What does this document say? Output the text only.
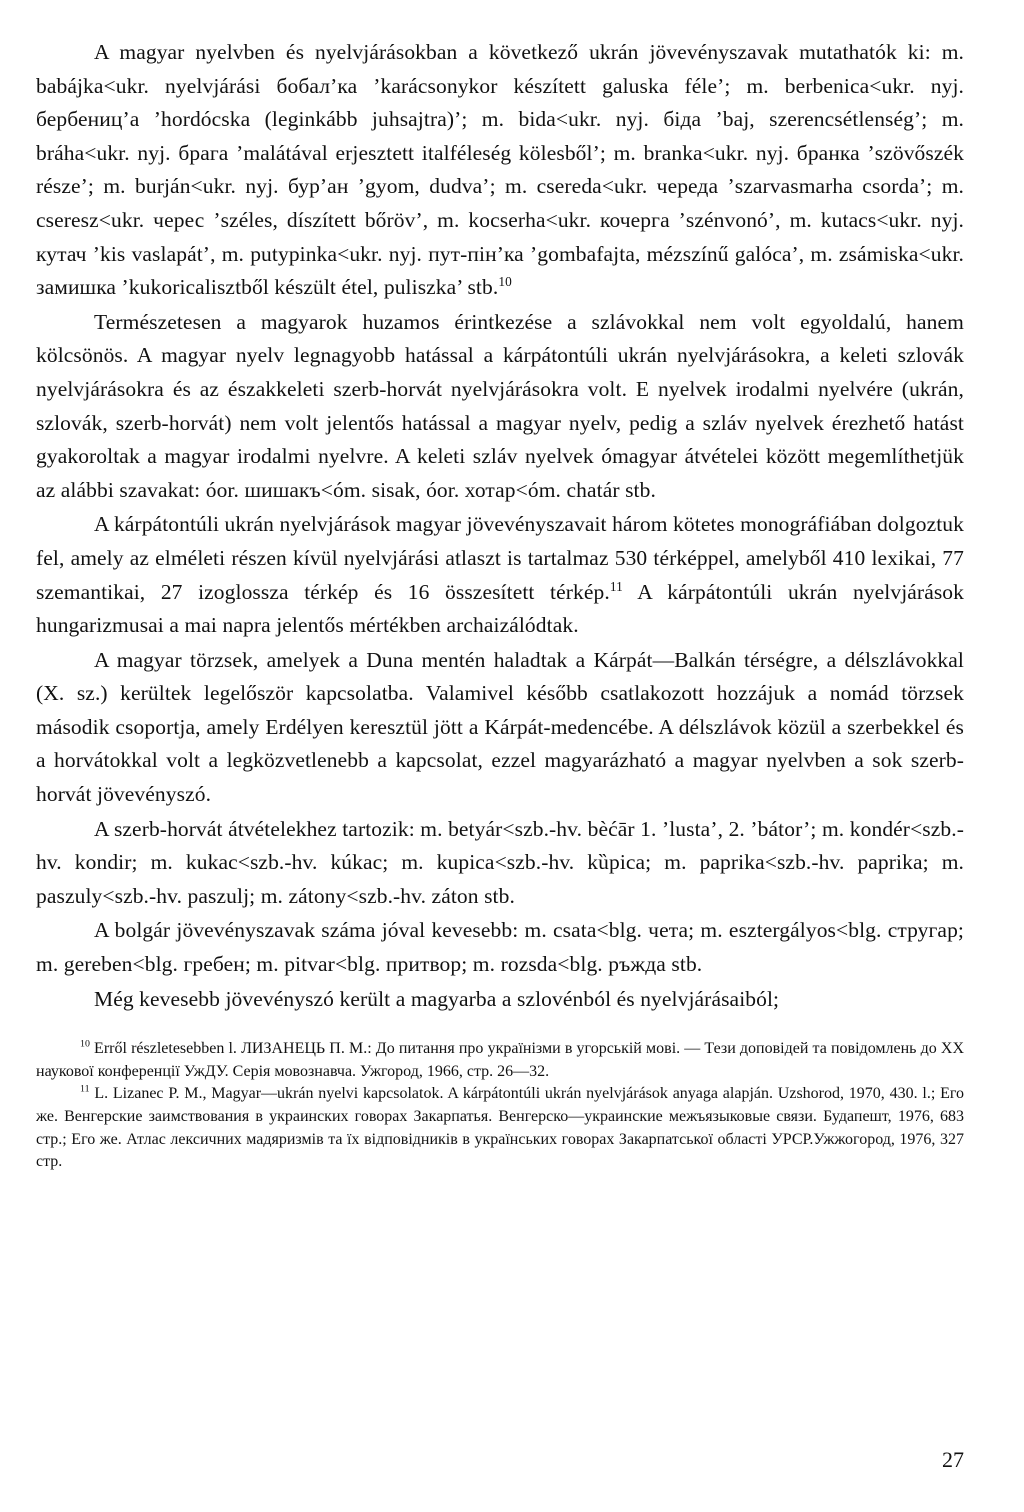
A magyar nyelvben és nyelvjárásokban a következő ukrán jövevényszavak mutathatók ki: m. babájka<ukr. nyelvjárási бобал’ка ’karácsonykor készített galuska féle’; m. berbenica<ukr. nyj. бербениц’а ’hordócska (leginkább juhsajtra)’; m. bida<ukr. nyj. біда ’baj, szerencsétlenség’; m. bráha<ukr. nyj. брага ’malátával erjesztett italféleség kölesből’; m. branka<ukr. nyj. бранка ’szövőszék része’; m. burján<ukr. nyj. бур’ан ’gyom, dudva’; m. csereda<ukr. череда ’szarvasmarha csorda’; m. cseresz<ukr. черес ’széles, díszített bőröv’, m. kocserha<ukr. кочерга ’szénvonó’, m. kutacs<ukr. nyj. кутач ’kis vaslapát’, m. putypinka<ukr. nyj. пут-пін’ка ’gombafajta, mézszínű galóca’, m. zsámiska<ukr. замишка ’kukoricalisztből készült étel, puliszka’ stb.$^{10}$

Természetesen a magyarok huzamos érintkezése a szlávokkal nem volt egyoldalú, hanem kölcsönös. A magyar nyelv legnagyobb hatással a kárpátontúli ukrán nyelvjárásokra, a keleti szlovák nyelvjárásokra és az északkeleti szerb-horvát nyelvjárásokra volt. E nyelvek irodalmi nyelvére (ukrán, szlovák, szerb-horvát) nem volt jelentős hatással a magyar nyelv, pedig a szláv nyelvek érezhető hatást gyakoroltak a magyar irodalmi nyelvre. A keleti szláv nyelvek ómagyar átvételei között megemlíthetjük az alábbi szavakat: óor. шишакъ<óm. sisak, óor. хотар<óm. chatár stb.

A kárpátontúli ukrán nyelvjárások magyar jövevényszavait három kötetes monográfiában dolgoztuk fel, amely az elméleti részen kívül nyelvjárási atlaszt is tartalmaz 530 térképpel, amelyből 410 lexikai, 77 szemantikai, 27 izoglossza térkép és 16 összesített térkép.$^{11}$ A kárpátontúli ukrán nyelvjárások hungarizmusai a mai napra jelentős mértékben archaizálódtak.

A magyar törzsek, amelyek a Duna mentén haladtak a Kárpát—Balkán térségre, a délszlávokkal (X. sz.) kerültek legelőször kapcsolatba. Valamivel később csatlakozott hozzájuk a nomád törzsek második csoportja, amely Erdélyen keresztül jött a Kárpát-medencébe. A délszlávok közül a szerbekkel és a horvátokkal volt a legközvetlenebb a kapcsolat, ezzel magyarázható a magyar nyelvben a sok szerb-horvát jövevényszó.

A szerb-horvát átvételekhez tartozik: m. betyár<szb.-hv. bèćār 1. ’lusta’, 2. ’bátor’; m. kondér<szb.-hv. kondir; m. kukac<szb.-hv. kúkac; m. kupica<szb.-hv. kȕpica; m. paprika<szb.-hv. paprika; m. paszuly<szb.-hv. paszulj; m. zátony<szb.-hv. záton stb.

A bolgár jövevényszavak száma jóval kevesebb: m. csata<blg. чета; m. esztergályos<blg. стругар; m. gereben<blg. гребен; m. pitvar<blg. притвор; m. rozsda<blg. ръжда stb.

Még kevesebb jövevényszó került a magyarba a szlovénból és nyelvjárásaiból;

$^{10}$ Erről részletesebben l. ЛИЗАНЕЦЬ П. М.: До питання про українізми в угорській мові. — Тези доповідей та повідомлень до XX наукової конференції УжДУ. Серія мовознавча. Ужгород, 1966, стр. 26—32.

$^{11}$ L. Lizanec P. M., Magyar—ukrán nyelvi kapcsolatok. A kárpátontúli ukrán nyelvjárások anyaga alapján. Uzshorod, 1970, 430. l.; Его же. Венгерские заимствования в украинских говорах Закарпатья. Венгерско—украинские межъязыковые связи. Будапешт, 1976, 683 стр.; Его же. Атлас лексичних мадяризмів та їх відповідників в українських говорах Закарпатської області УРСР.Ужжогород, 1976, 327 стр.

27
